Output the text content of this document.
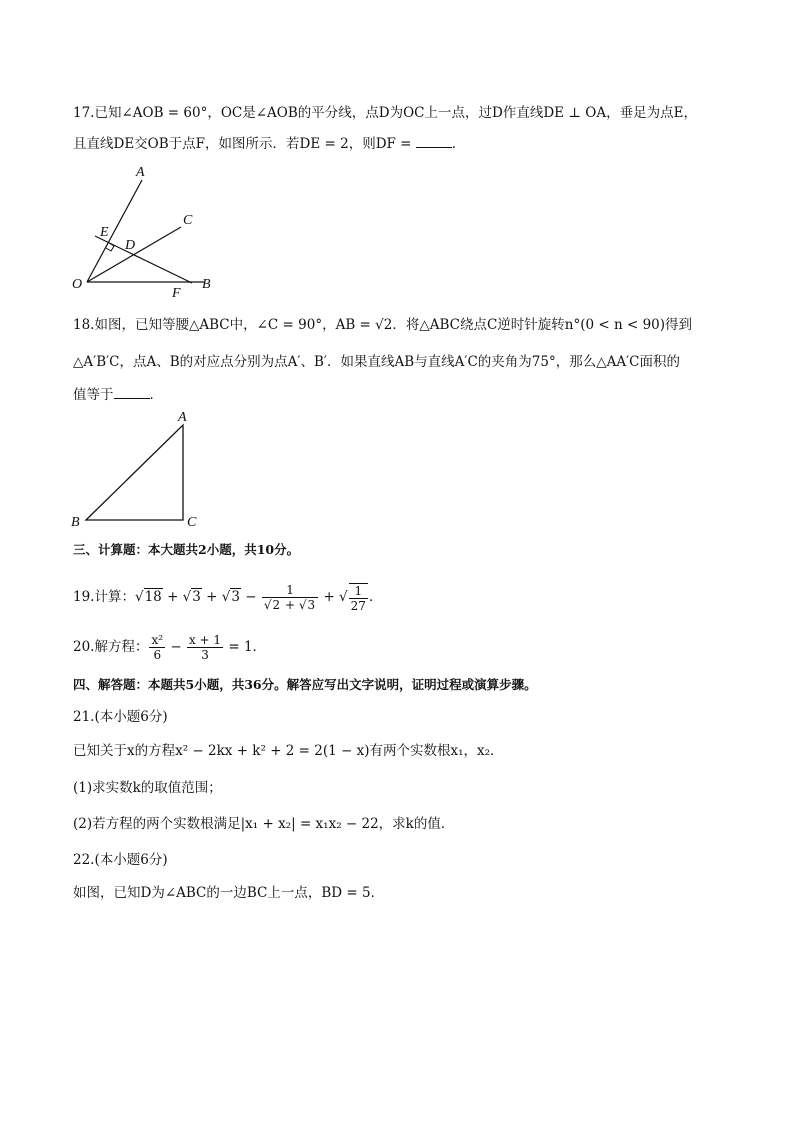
17.已知∠AOB = 60°，OC是∠AOB的平分线，点D为OC上一点，过D作直线DE ⊥ OA，垂足为点E，
且直线DE交OB于点F，如图所示．若DE = 2，则DF =	．
A
C
E
D
O
F
B
18.如图，已知等腰△ABC中，∠C = 90°，AB = √2．将△ABC绕点C逆时针旋转n°(0 < n < 90)得到
△A′B′C，点A、B的对应点分别为点A′、B′．如果直线AB与直线A′C的夹角为75°，那么△AA′C面积的
值等于	．
A
B	C
三、计算题：本大题共2小题，共10分。
19.计算：$√18 + √3 + √3 - \frac{1}{√2 + √3}$ + √ $\frac{1}{27}$ ．
20.解方程： $\frac{\text{x²}}{6} - \frac{x + 1}{3} = 1$．
四、解答题：本题共5小题，共36分。解答应写出文字说明，证明过程或演算步骤。
21.(本小题6分)
已知关于x的方程x² − 2kx + k² + 2 = 2(1 − x)有两个实数根x₁，x₂．
(1)求实数k的取值范围；
(2)若方程的两个实数根满足|x₁ + x₂| = x₁x₂ − 22，求k的值．
22.(本小题6分)
如图，已知D为∠ABC的一边BC上一点，BD = 5．
